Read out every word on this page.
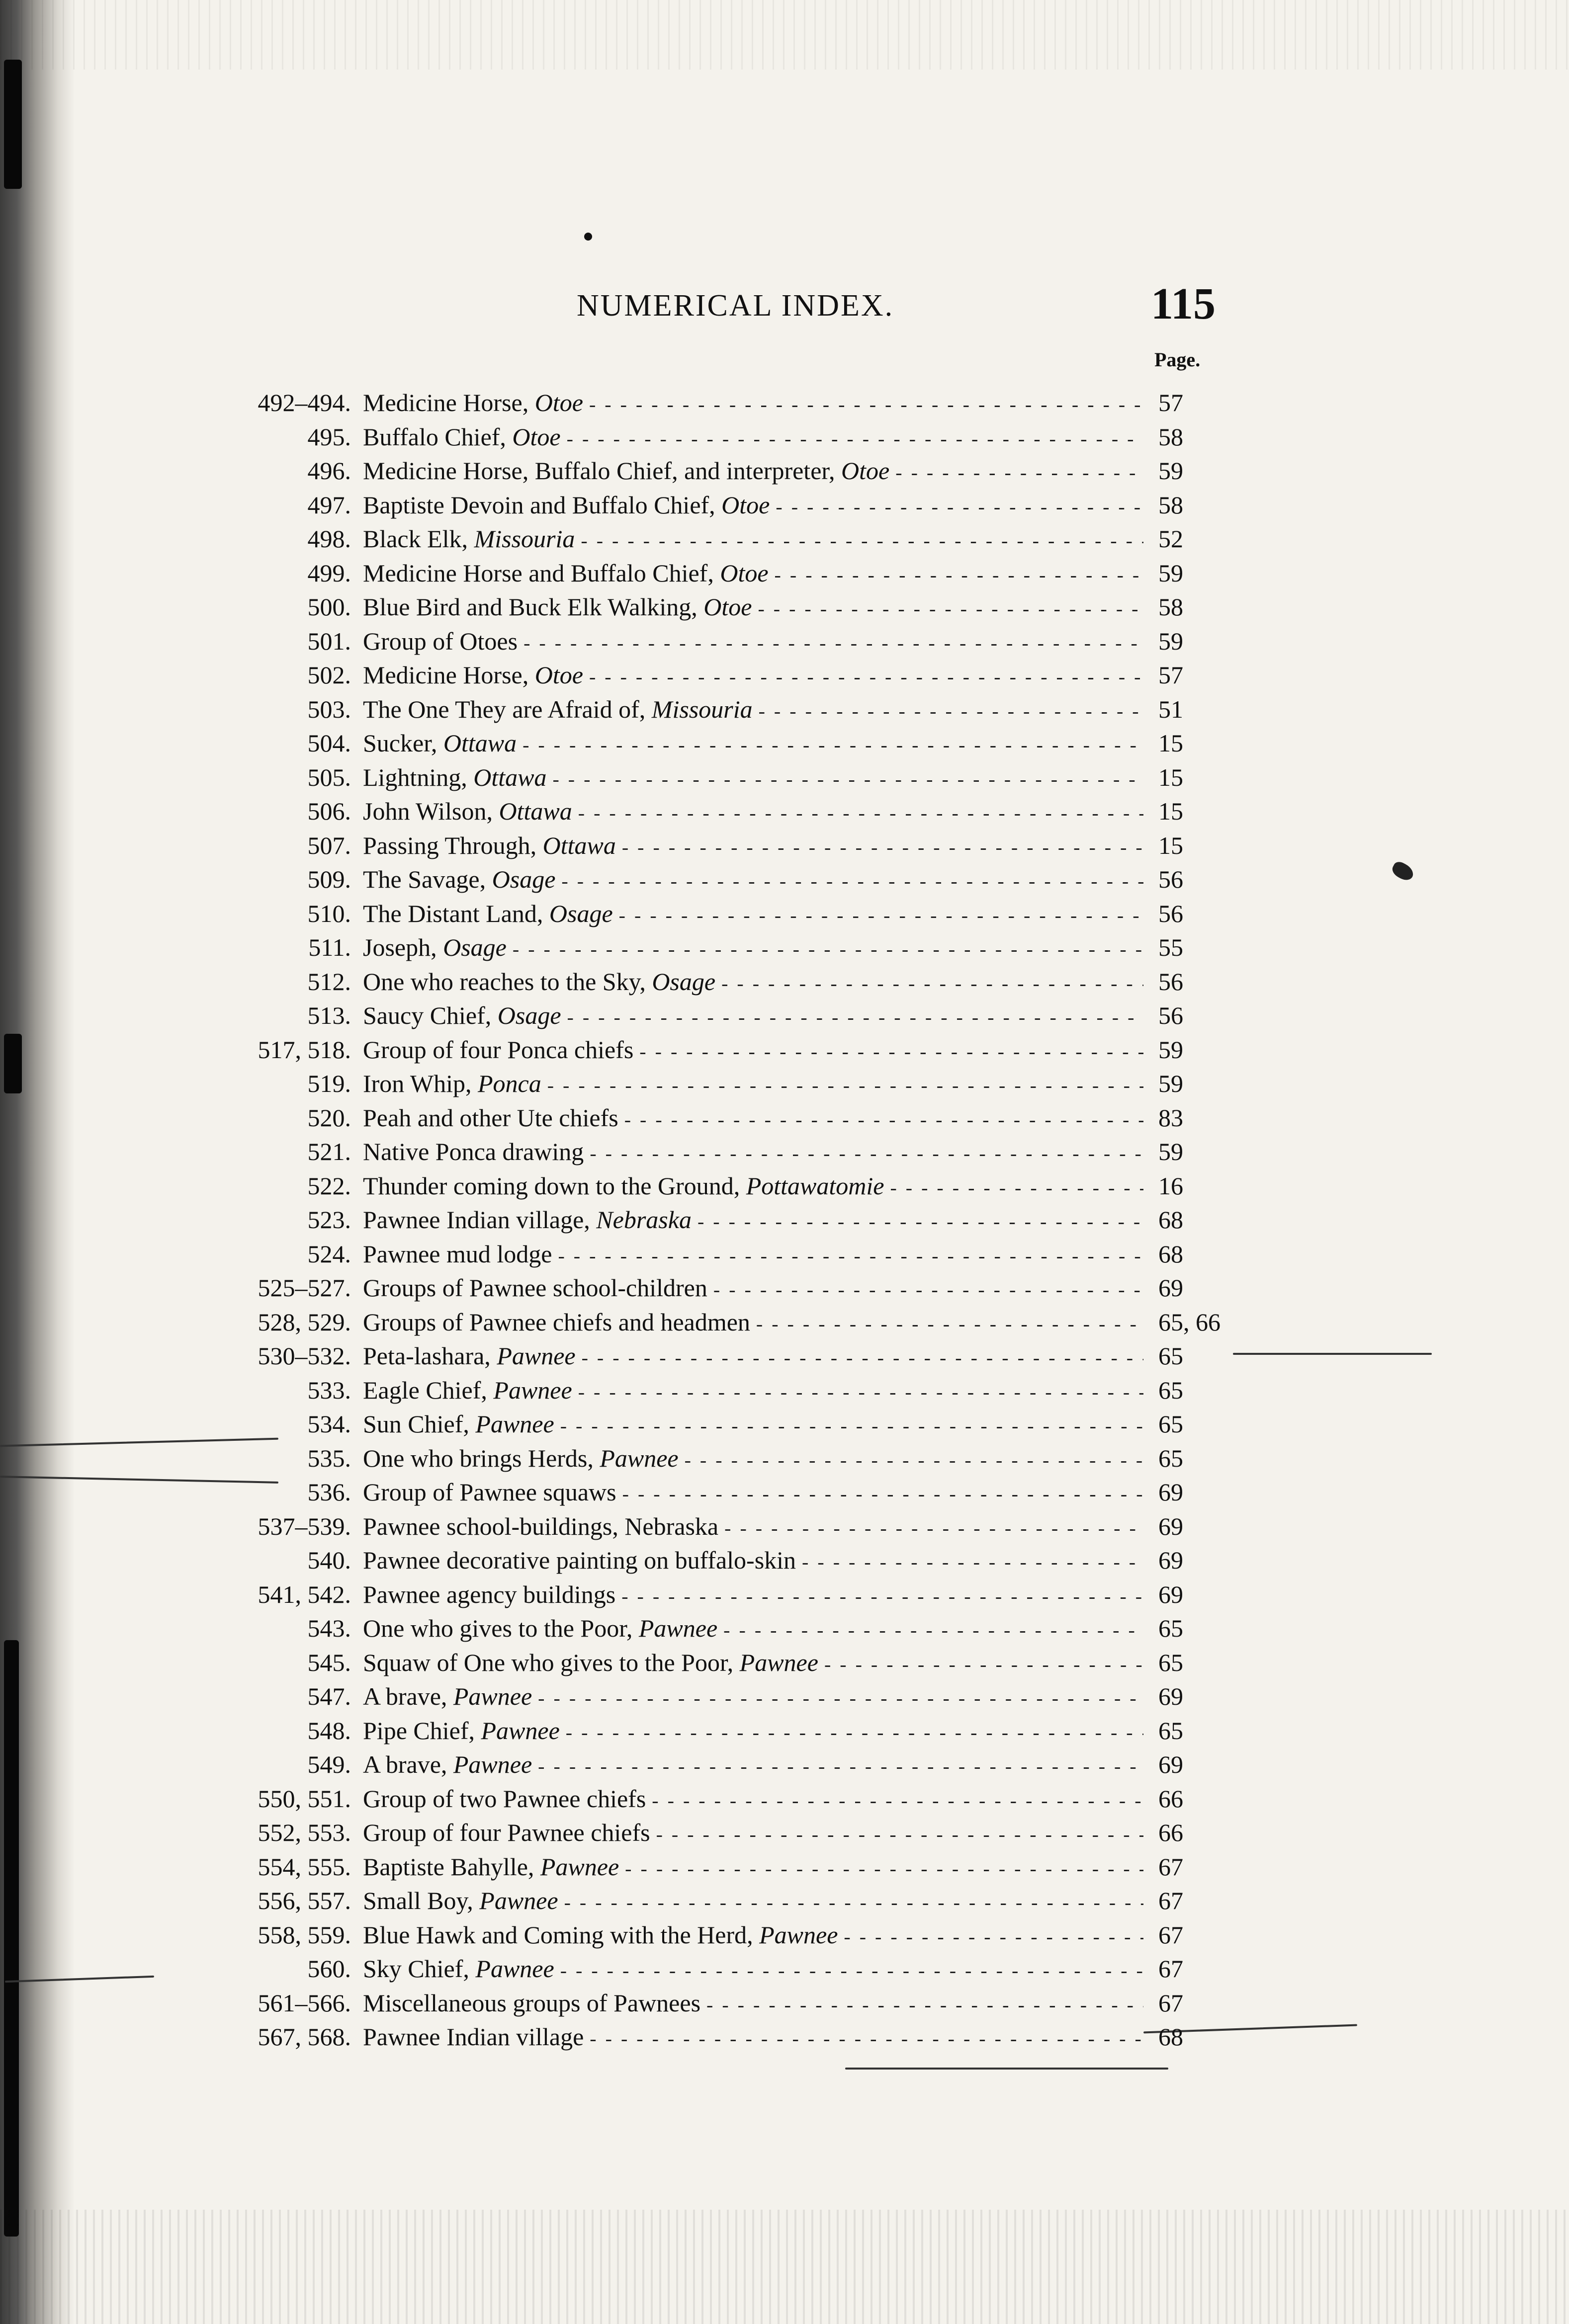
NUMERICAL INDEX.	115
Page.
492–494. Medicine Horse, Otoe - - -	57
495. Buffalo Chief, Otoe - - -	58
496. Medicine Horse, Buffalo Chief, and interpreter, Otoe - - -	59
497. Baptiste Devoin and Buffalo Chief, Otoe - - -	58
498. Black Elk, Missouria - - -	52
499. Medicine Horse and Buffalo Chief, Otoe - - -	59
500. Blue Bird and Buck Elk Walking, Otoe - - -	58
501. Group of Otoes - - -	59
502. Medicine Horse, Otoe - - -	57
503. The One They are Afraid of, Missouria - - -	51
504. Sucker, Ottawa - - -	15
505. Lightning, Ottawa - - -	15
506. John Wilson, Ottawa - - -	15
507. Passing Through, Ottawa - - -	15
509. The Savage, Osage - - -	56
510. The Distant Land, Osage - - -	56
511. Joseph, Osage - - -	55
512. One who reaches to the Sky, Osage - - -	56
513. Saucy Chief, Osage - - -	56
517, 518. Group of four Ponca chiefs - - -	59
519. Iron Whip, Ponca - - -	59
520. Peah and other Ute chiefs - - -	83
521. Native Ponca drawing - - -	59
522. Thunder coming down to the Ground, Pottawatomie - - -	16
523. Pawnee Indian village, Nebraska - - -	68
524. Pawnee mud lodge - - -	68
525–527. Groups of Pawnee school-children - - -	69
528, 529. Groups of Pawnee chiefs and headmen - - -	65, 66
530–532. Peta-lashara, Pawnee - - -	65
533. Eagle Chief, Pawnee - - -	65
534. Sun Chief, Pawnee - - -	65
535. One who brings Herds, Pawnee - - -	65
536. Group of Pawnee squaws - - -	69
537–539. Pawnee school-buildings, Nebraska - - -	69
540. Pawnee decorative painting on buffalo-skin - - -	69
541, 542. Pawnee agency buildings - - -	69
543. One who gives to the Poor, Pawnee - - -	65
545. Squaw of One who gives to the Poor, Pawnee - - -	65
547. A brave, Pawnee - - -	69
548. Pipe Chief, Pawnee - - -	65
549. A brave, Pawnee - - -	69
550, 551. Group of two Pawnee chiefs - - -	66
552, 553. Group of four Pawnee chiefs - - -	66
554, 555. Baptiste Bahylle, Pawnee - - -	67
556, 557. Small Boy, Pawnee - - -	67
558, 559. Blue Hawk and Coming with the Herd, Pawnee - - -	67
560. Sky Chief, Pawnee - - -	67
561–566. Miscellaneous groups of Pawnees - - -	67
567, 568. Pawnee Indian village - - -	68
